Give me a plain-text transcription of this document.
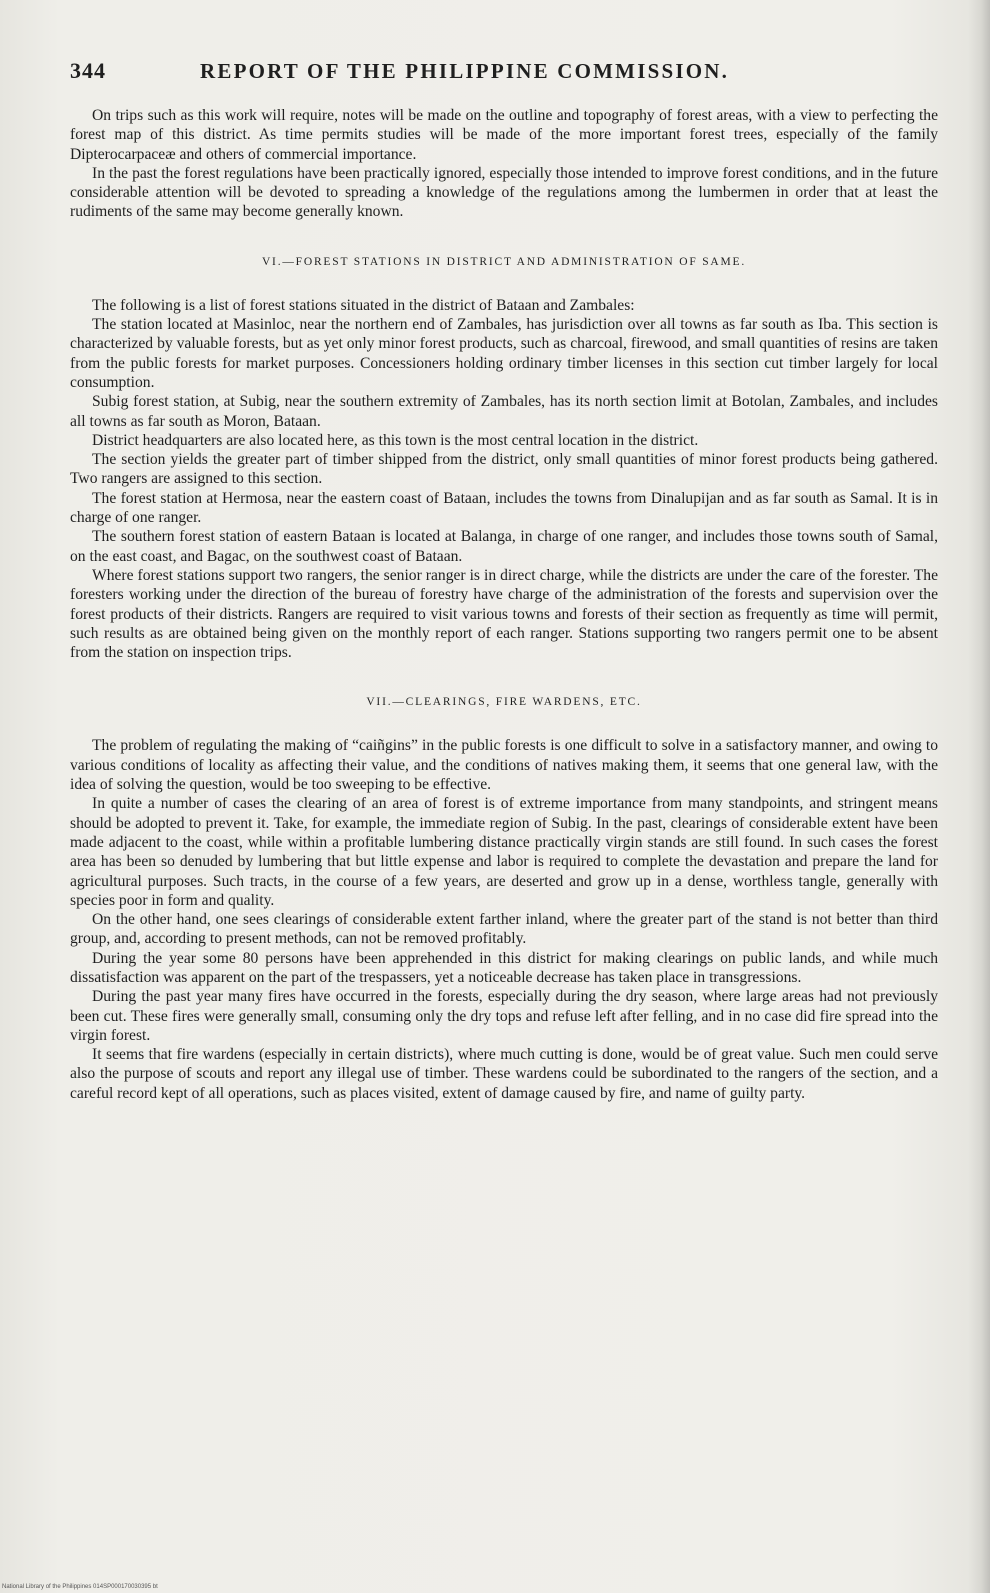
344	REPORT OF THE PHILIPPINE COMMISSION.

On trips such as this work will require, notes will be made on the outline and topography of forest areas, with a view to perfecting the forest map of this district. As time permits studies will be made of the more important forest trees, especially of the family Dipterocarpaceæ and others of commercial importance.

In the past the forest regulations have been practically ignored, especially those intended to improve forest conditions, and in the future considerable attention will be devoted to spreading a knowledge of the regulations among the lumbermen in order that at least the rudiments of the same may become generally known.

VI.—FOREST STATIONS IN DISTRICT AND ADMINISTRATION OF SAME.

The following is a list of forest stations situated in the district of Bataan and Zambales:

The station located at Masinloc, near the northern end of Zambales, has jurisdiction over all towns as far south as Iba. This section is characterized by valuable forests, but as yet only minor forest products, such as charcoal, firewood, and small quantities of resins are taken from the public forests for market purposes. Concessioners holding ordinary timber licenses in this section cut timber largely for local consumption.

Subig forest station, at Subig, near the southern extremity of Zambales, has its north section limit at Botolan, Zambales, and includes all towns as far south as Moron, Bataan.

District headquarters are also located here, as this town is the most central location in the district.

The section yields the greater part of timber shipped from the district, only small quantities of minor forest products being gathered. Two rangers are assigned to this section.

The forest station at Hermosa, near the eastern coast of Bataan, includes the towns from Dinalupijan and as far south as Samal. It is in charge of one ranger.

The southern forest station of eastern Bataan is located at Balanga, in charge of one ranger, and includes those towns south of Samal, on the east coast, and Bagac, on the southwest coast of Bataan.

Where forest stations support two rangers, the senior ranger is in direct charge, while the districts are under the care of the forester. The foresters working under the direction of the bureau of forestry have charge of the administration of the forests and supervision over the forest products of their districts. Rangers are required to visit various towns and forests of their section as frequently as time will permit, such results as are obtained being given on the monthly report of each ranger. Stations supporting two rangers permit one to be absent from the station on inspection trips.

VII.—CLEARINGS, FIRE WARDENS, ETC.

The problem of regulating the making of “caiñgins” in the public forests is one difficult to solve in a satisfactory manner, and owing to various conditions of locality as affecting their value, and the conditions of natives making them, it seems that one general law, with the idea of solving the question, would be too sweeping to be effective.

In quite a number of cases the clearing of an area of forest is of extreme importance from many standpoints, and stringent means should be adopted to prevent it. Take, for example, the immediate region of Subig. In the past, clearings of considerable extent have been made adjacent to the coast, while within a profitable lumbering distance practically virgin stands are still found. In such cases the forest area has been so denuded by lumbering that but little expense and labor is required to complete the devastation and prepare the land for agricultural purposes. Such tracts, in the course of a few years, are deserted and grow up in a dense, worthless tangle, generally with species poor in form and quality.

On the other hand, one sees clearings of considerable extent farther inland, where the greater part of the stand is not better than third group, and, according to present methods, can not be removed profitably.

During the year some 80 persons have been apprehended in this district for making clearings on public lands, and while much dissatisfaction was apparent on the part of the trespassers, yet a noticeable decrease has taken place in transgressions.

During the past year many fires have occurred in the forests, especially during the dry season, where large areas had not previously been cut. These fires were generally small, consuming only the dry tops and refuse left after felling, and in no case did fire spread into the virgin forest.

It seems that fire wardens (especially in certain districts), where much cutting is done, would be of great value. Such men could serve also the purpose of scouts and report any illegal use of timber. These wardens could be subordinated to the rangers of the section, and a careful record kept of all operations, such as places visited, extent of damage caused by fire, and name of guilty party.

National Library of the Philippines 014SP000170030395 bt
